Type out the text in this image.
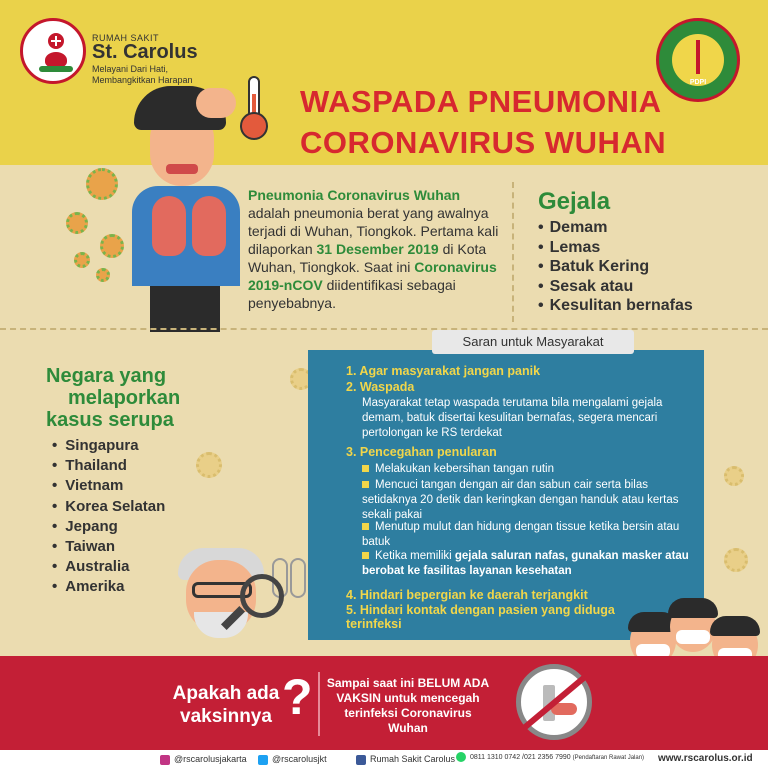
RUMAH SAKIT
St. Carolus
Melayani Dari Hati,
Membangkitkan Harapan	PDPI
WASPADA PNEUMONIA
CORONAVIRUS WUHAN
Pneumonia Coronavirus Wuhan adalah pneumonia berat yang awalnya terjadi di Wuhan, Tiongkok. Pertama kali dilaporkan 31 Desember 2019 di Kota Wuhan, Tiongkok. Saat ini Coronavirus 2019-nCOV diidentifikasi sebagai penyebabnya.
Gejala
• Demam
• Lemas
• Batuk Kering
• Sesak atau
• Kesulitan bernafas
Negara yang
melaporkan
kasus serupa
• Singapura
• Thailand
• Vietnam
• Korea Selatan
• Jepang
• Taiwan
• Australia
• Amerika
Saran untuk Masyarakat
1. Agar masyarakat jangan panik
2. Waspada
Masyarakat tetap waspada terutama bila mengalami gejala demam, batuk disertai kesulitan bernafas, segera mencari pertolongan ke RS terdekat
3. Pencegahan penularan
Melakukan kebersihan tangan rutin
Mencuci tangan dengan air dan sabun cair serta bilas setidaknya 20 detik dan keringkan dengan handuk atau kertas sekali pakai
Menutup mulut dan hidung dengan tissue ketika bersin atau batuk
Ketika memiliki gejala saluran nafas, gunakan masker atau berobat ke fasilitas layanan kesehatan
4. Hindari bepergian ke daerah terjangkit
5. Hindari kontak dengan pasien yang diduga terinfeksi
Apakah ada
vaksinnya ? Sampai saat ini BELUM ADA VAKSIN untuk mencegah terinfeksi Coronavirus Wuhan
@rscarolusjakarta	@rscarolusjkt	Rumah Sakit Carolus	0811 1310 0742 /021 2356 7990 (Pendaftaran Rawat Jalan) www.rscarolus.or.id
